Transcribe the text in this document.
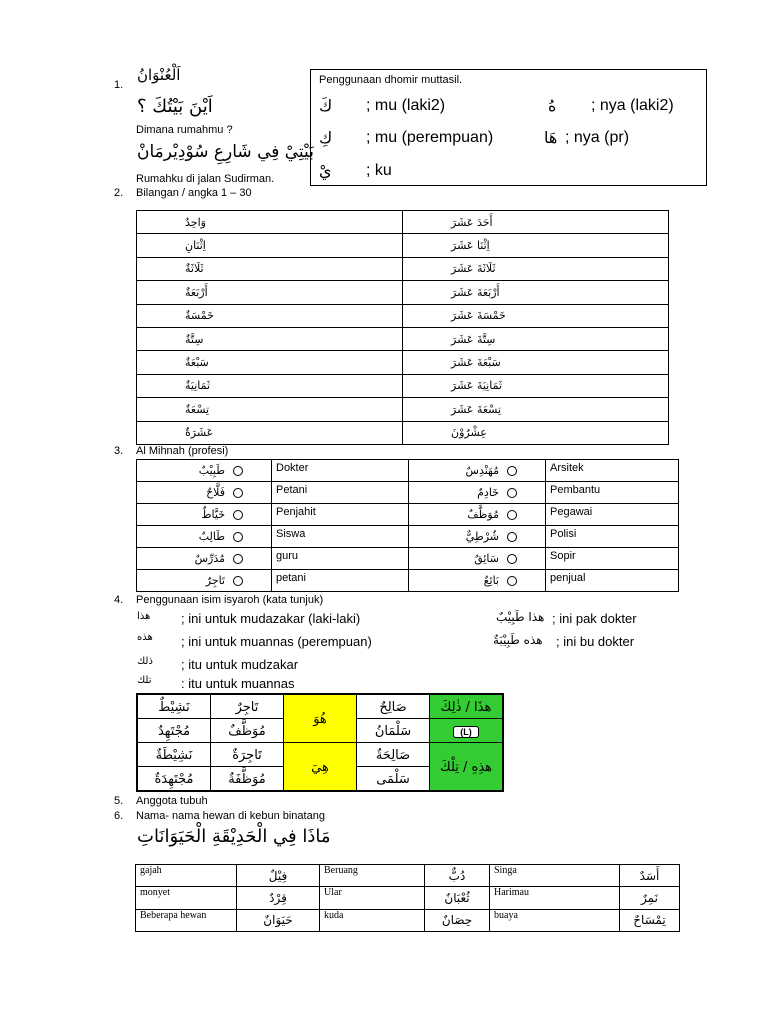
1.
اَلْعُنْوَانُ
اَيْنَ بَيْتُكَ ؟
Dimana rumahmu ?
بَيْتِيْ فِي شَارِعِ سُوْدِيْرمَانْ
Rumahku di jalan Sudirman.
Penggunaan dhomir muttasil.
كَ ; mu (laki2)	هُ ; nya (laki2)
كِ ; mu (perempuan)	هَا ; nya (pr)
يْ ; ku
2. Bilangan / angka 1 – 30
وَاحِدٌ	أَحَدَ عَشَرَ

اِثْنَانِ	اِثْنَا عَشَرَ

ثَلَاثَةٌ	ثَلَاثَةَ عَشَرَ

أَرْبَعَةٌ	أَرْبَعَةَ عَشَرَ

خَمْسَةٌ	خَمْسَةَ عَشَرَ

سِتَّةٌ	سِتَّةَ عَشَرَ

سَبْعَةٌ	سَبْعَةَ عَشَرَ

ثَمَانِيَةٌ	ثَمَانِيَةَ عَشَرَ

تِسْعَةٌ	تِسْعَةَ عَشَرَ

عَشَرَةٌ	عِشْرُوْنَ
3. Al Mihnah (profesi)
طَبِيْبٌ	Dokter	مُهَنْدِسٌ	Arsitek

فَلَّاحٌ	Petani	خَادِمٌ	Pembantu

خَيَّاطٌ	Penjahit	مُوَظَّفٌ	Pegawai

طَالِبٌ	Siswa	شُرْطِيٌّ	Polisi

مُدَرِّسٌ	guru	سَائِقٌ	Sopir

تَاجِرٌ	petani	بَائِعٌ	penjual
4. Penggunaan isim isyaroh (kata tunjuk)
هذا ; ini untuk mudazakar (laki-laki)
هذه ; ini untuk muannas (perempuan)
ذلك ; itu untuk mudzakar
تلك : itu untuk muannas
هذا طَبِيْبٌ ; ini pak dokter
هذه طَبِيْبَةٌ ; ini bu dokter
نَشِيْطٌ	تَاجِرٌ	هُوَ	صَالِحٌ	هذَا / ذٰلِكَ
مُجْتَهِدٌ	مُوَظَّفٌ		سَلْمَانُ	(L)
نَشِيْطَةٌ	تَاجِرَةٌ	هِيَ	صَالِحَةٌ	هذِهِ / تِلْكَ
مُجْتَهِدَةٌ	مُوَظَّفَةٌ		سَلْمَى	
5. Anggota tubuh
6. Nama- nama hewan di kebun binatang
مَاذَا فِي الْحَدِيْقَةِ الْحَيَوَانَاتِ
gajah	فِيْلٌ	Beruang	دُبٌّ	Singa	أَسَدٌ
monyet	قِرْدٌ	Ular	ثُعْبَانٌ	Harimau	نَمِرٌ
Beberapa hewan	حَيَوَانٌ	kuda	حِصَانٌ	buaya	تِمْسَاحٌ
